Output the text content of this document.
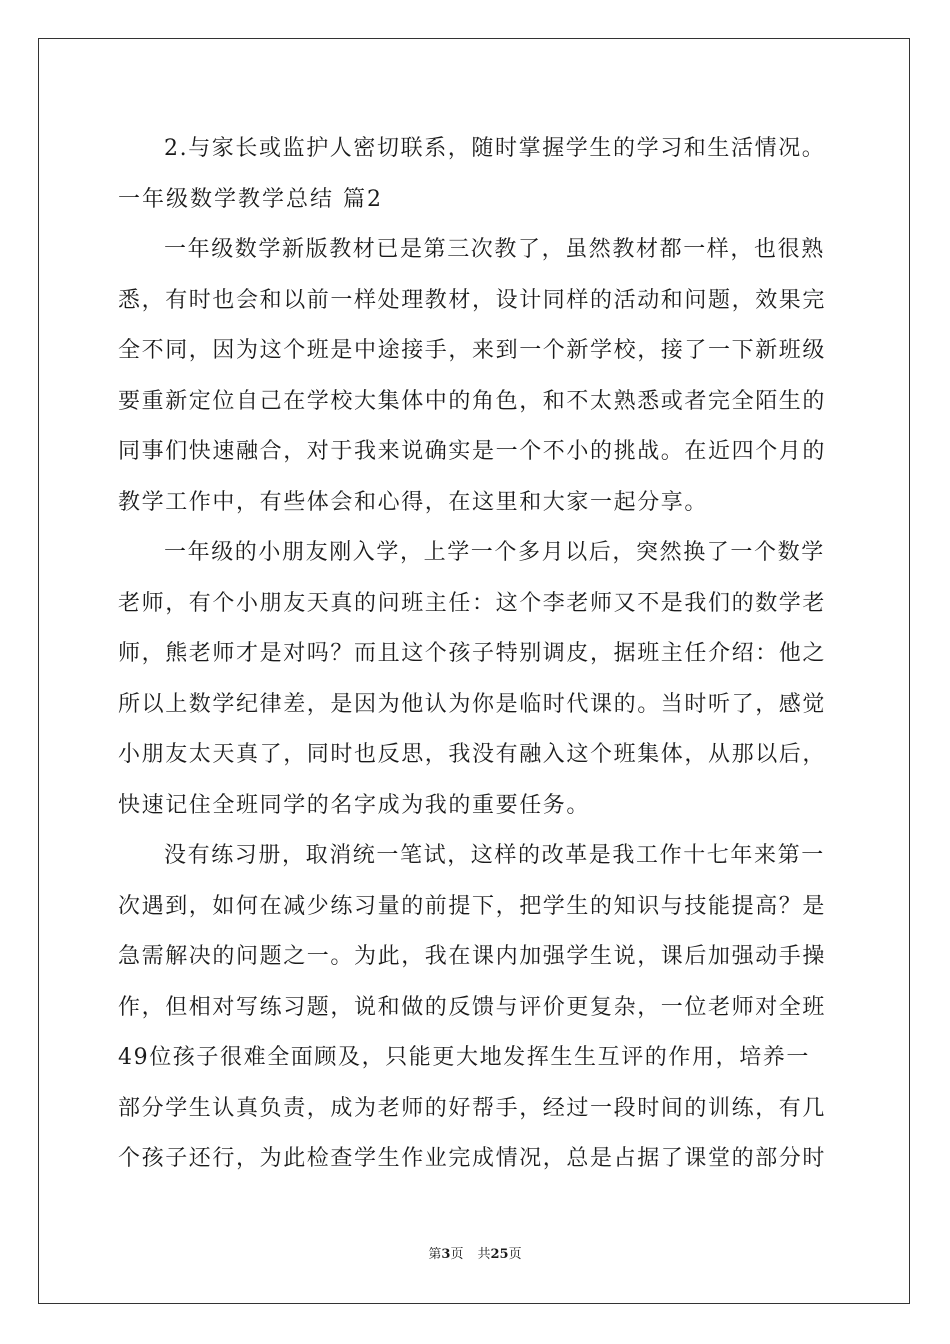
2.与家长或监护人密切联系，随时掌握学生的学习和生活情况。
一年级数学教学总结 篇2
一年级数学新版教材已是第三次教了，虽然教材都一样，也很熟
悉，有时也会和以前一样处理教材，设计同样的活动和问题，效果完
全不同，因为这个班是中途接手，来到一个新学校，接了一下新班级
要重新定位自己在学校大集体中的角色，和不太熟悉或者完全陌生的
同事们快速融合，对于我来说确实是一个不小的挑战。在近四个月的
教学工作中，有些体会和心得，在这里和大家一起分享。
一年级的小朋友刚入学，上学一个多月以后，突然换了一个数学
老师，有个小朋友天真的问班主任：这个李老师又不是我们的数学老
师，熊老师才是对吗？而且这个孩子特别调皮，据班主任介绍：他之
所以上数学纪律差，是因为他认为你是临时代课的。当时听了，感觉
小朋友太天真了，同时也反思，我没有融入这个班集体，从那以后，
快速记住全班同学的名字成为我的重要任务。
没有练习册，取消统一笔试，这样的改革是我工作十七年来第一
次遇到，如何在减少练习量的前提下，把学生的知识与技能提高？是
急需解决的问题之一。为此，我在课内加强学生说，课后加强动手操
作，但相对写练习题，说和做的反馈与评价更复杂，一位老师对全班
49位孩子很难全面顾及，只能更大地发挥生生互评的作用，培养一
部分学生认真负责，成为老师的好帮手，经过一段时间的训练，有几
个孩子还行，为此检查学生作业完成情况，总是占据了课堂的部分时
第3页 共25页
